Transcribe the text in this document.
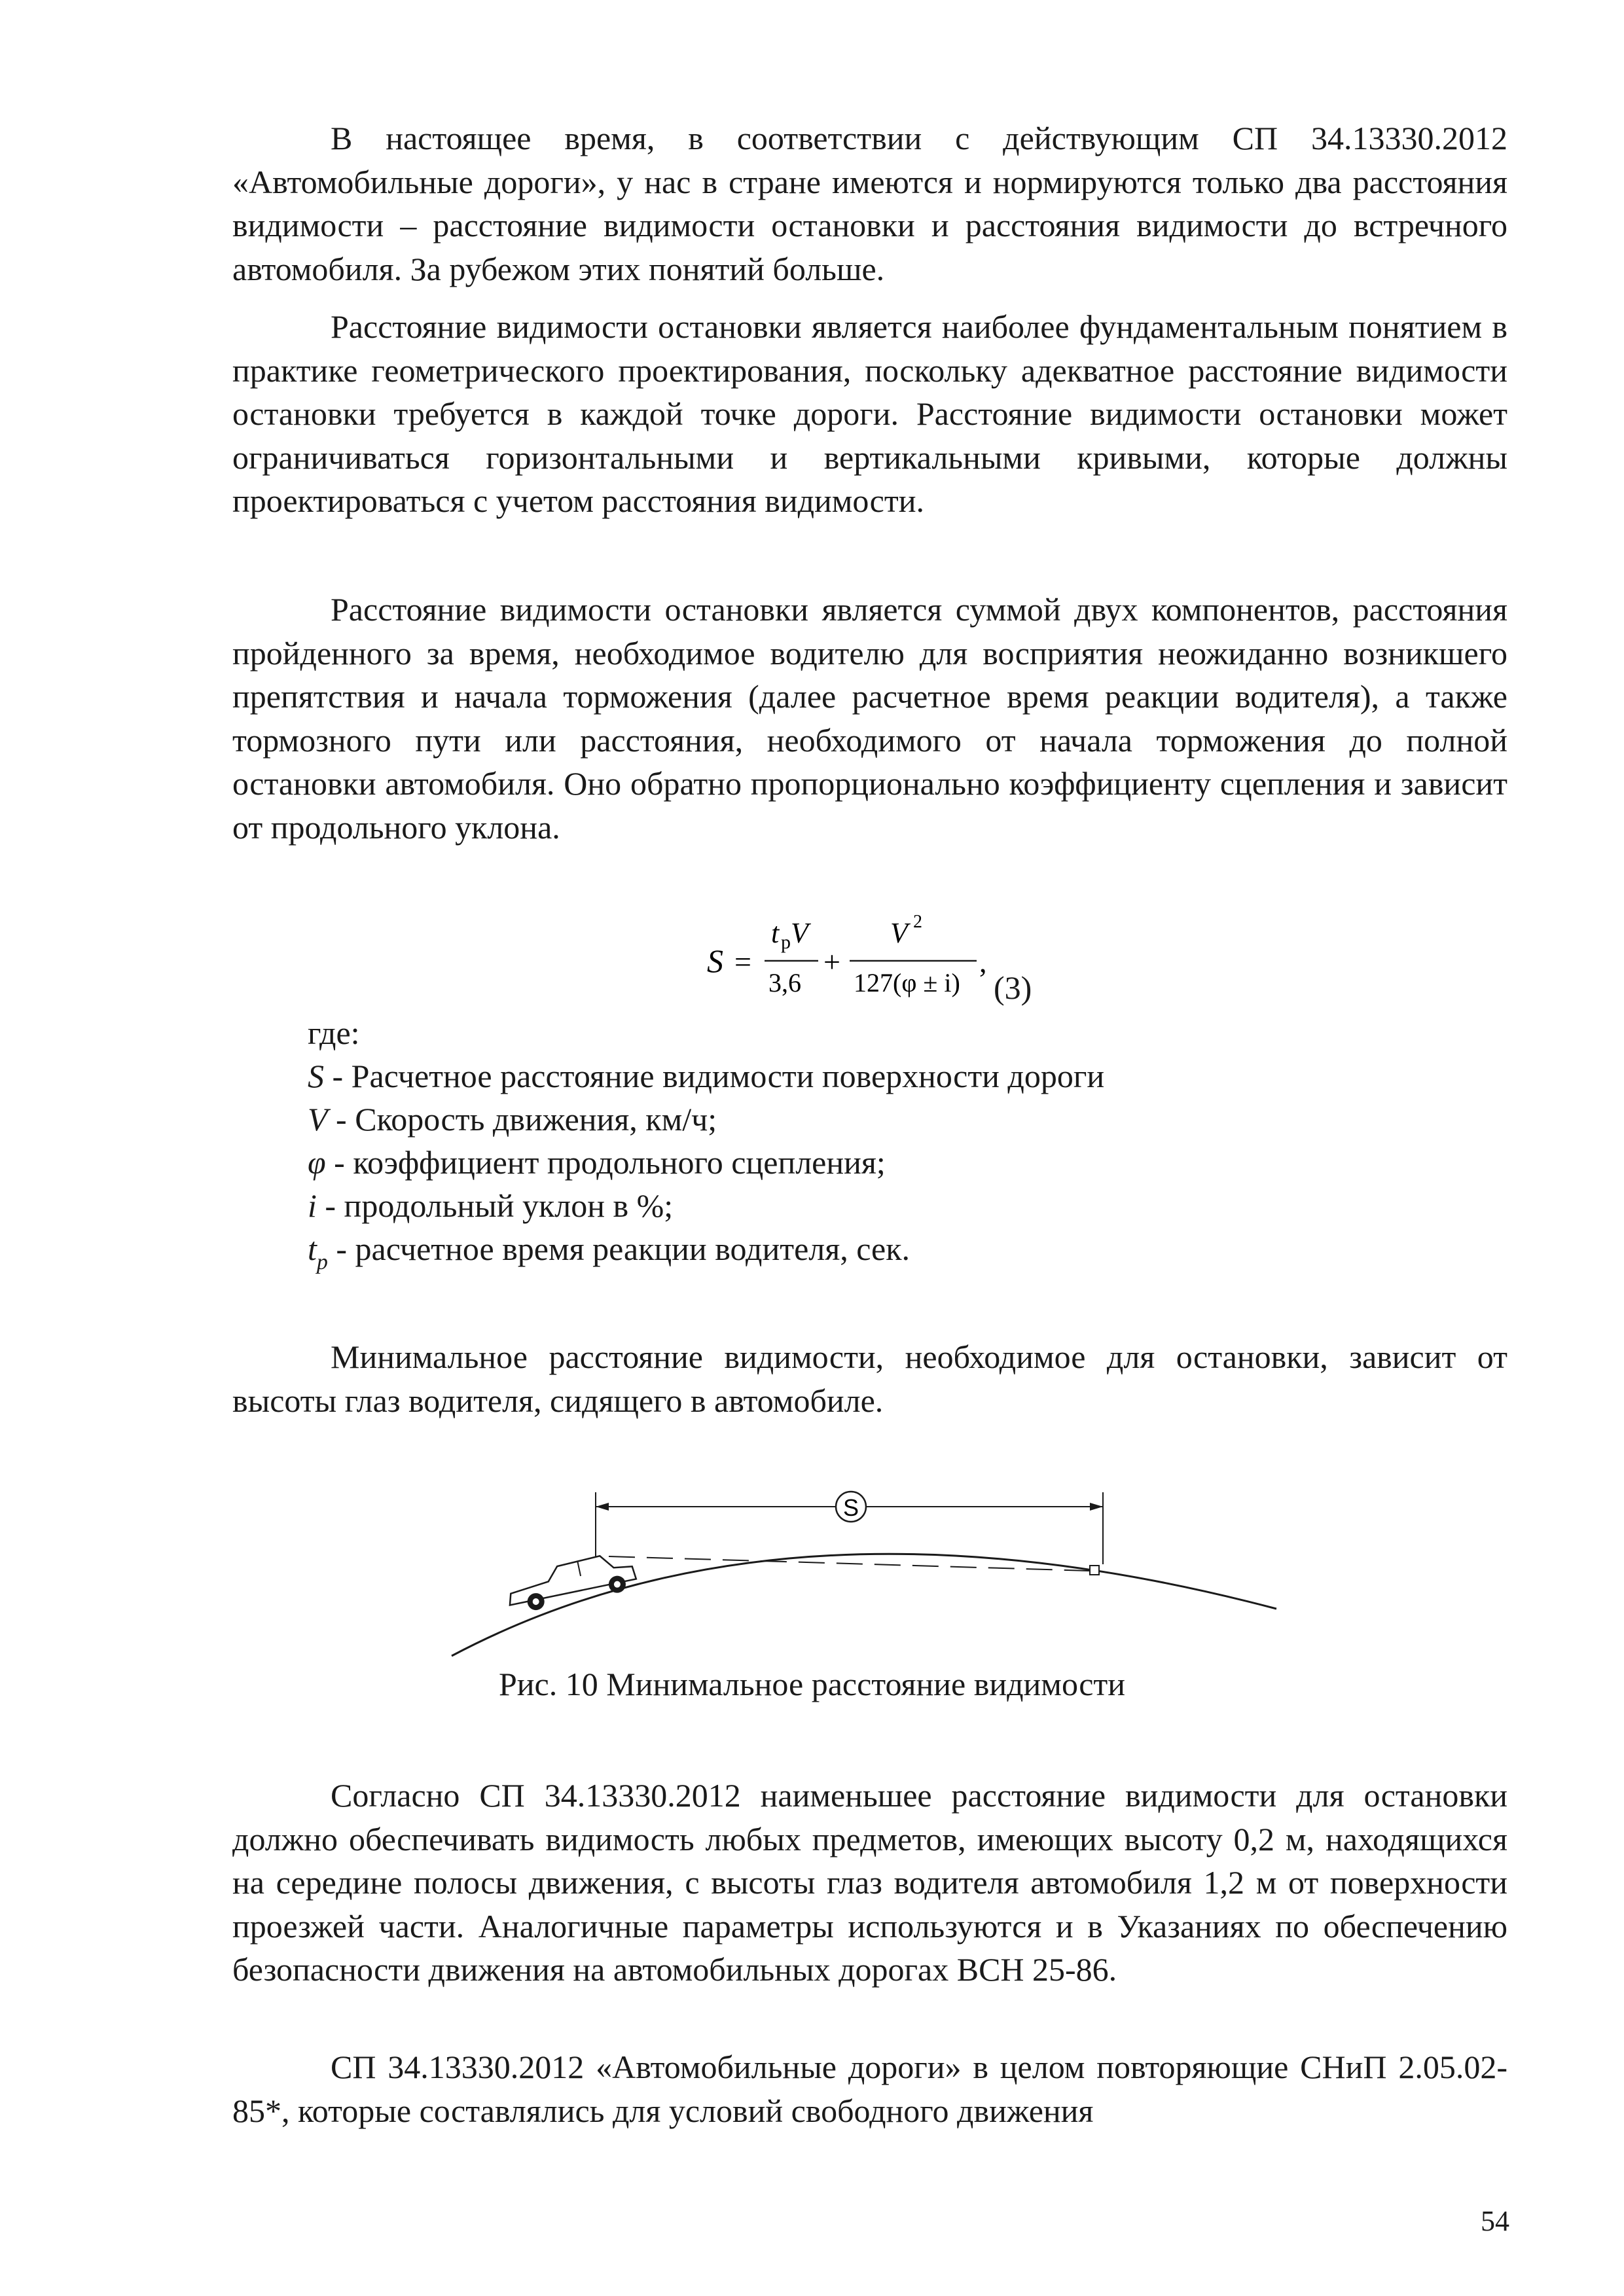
В настоящее время, в соответствии с действующим СП 34.13330.2012 «Автомобильные дороги», у нас в стране имеются и нормируются только два расстояния видимости – расстояние видимости остановки и расстояния видимости до встречного автомобиля. За рубежом этих понятий больше.

Расстояние видимости остановки является наиболее фундаментальным понятием в практике геометрического проектирования, поскольку адекватное расстояние видимости остановки требуется в каждой точке дороги. Расстояние видимости остановки может ограничиваться горизонтальными и вертикальными кривыми, которые должны проектироваться с учетом расстояния видимости.

Расстояние видимости остановки является суммой двух компонентов, расстояния пройденного за время, необходимое водителю для восприятия неожиданно возникшего препятствия и начала торможения (далее расчетное время реакции водителя), а также тормозного пути или расстояния, необходимого от начала торможения до полной остановки автомобиля. Оно обратно пропорционально коэффициенту сцепления и зависит от продольного уклона.

S =
t р V
3,6
+
V 2
127(φ ± i)
,
(3)
где:
S - Расчетное расстояние видимости поверхности дороги
V - Скорость движения, км/ч;
φ - коэффициент продольного сцепления;
i - продольный уклон в %;
$t_p$ - расчетное время реакции водителя, сек.

Минимальное расстояние видимости, необходимое для остановки, зависит от высоты глаз водителя, сидящего в автомобиле.

S
Рис. 10 Минимальное расстояние видимости

Согласно СП 34.13330.2012 наименьшее расстояние видимости для остановки должно обеспечивать видимость любых предметов, имеющих высоту 0,2 м, находящихся на середине полосы движения, с высоты глаз водителя автомобиля 1,2 м от поверхности проезжей части. Аналогичные параметры используются и в Указаниях по обеспечению безопасности движения на автомобильных дорогах ВСН 25-86.

СП 34.13330.2012 «Автомобильные дороги» в целом повторяющие СНиП 2.05.02-85*, которые составлялись для условий свободного движения

54
